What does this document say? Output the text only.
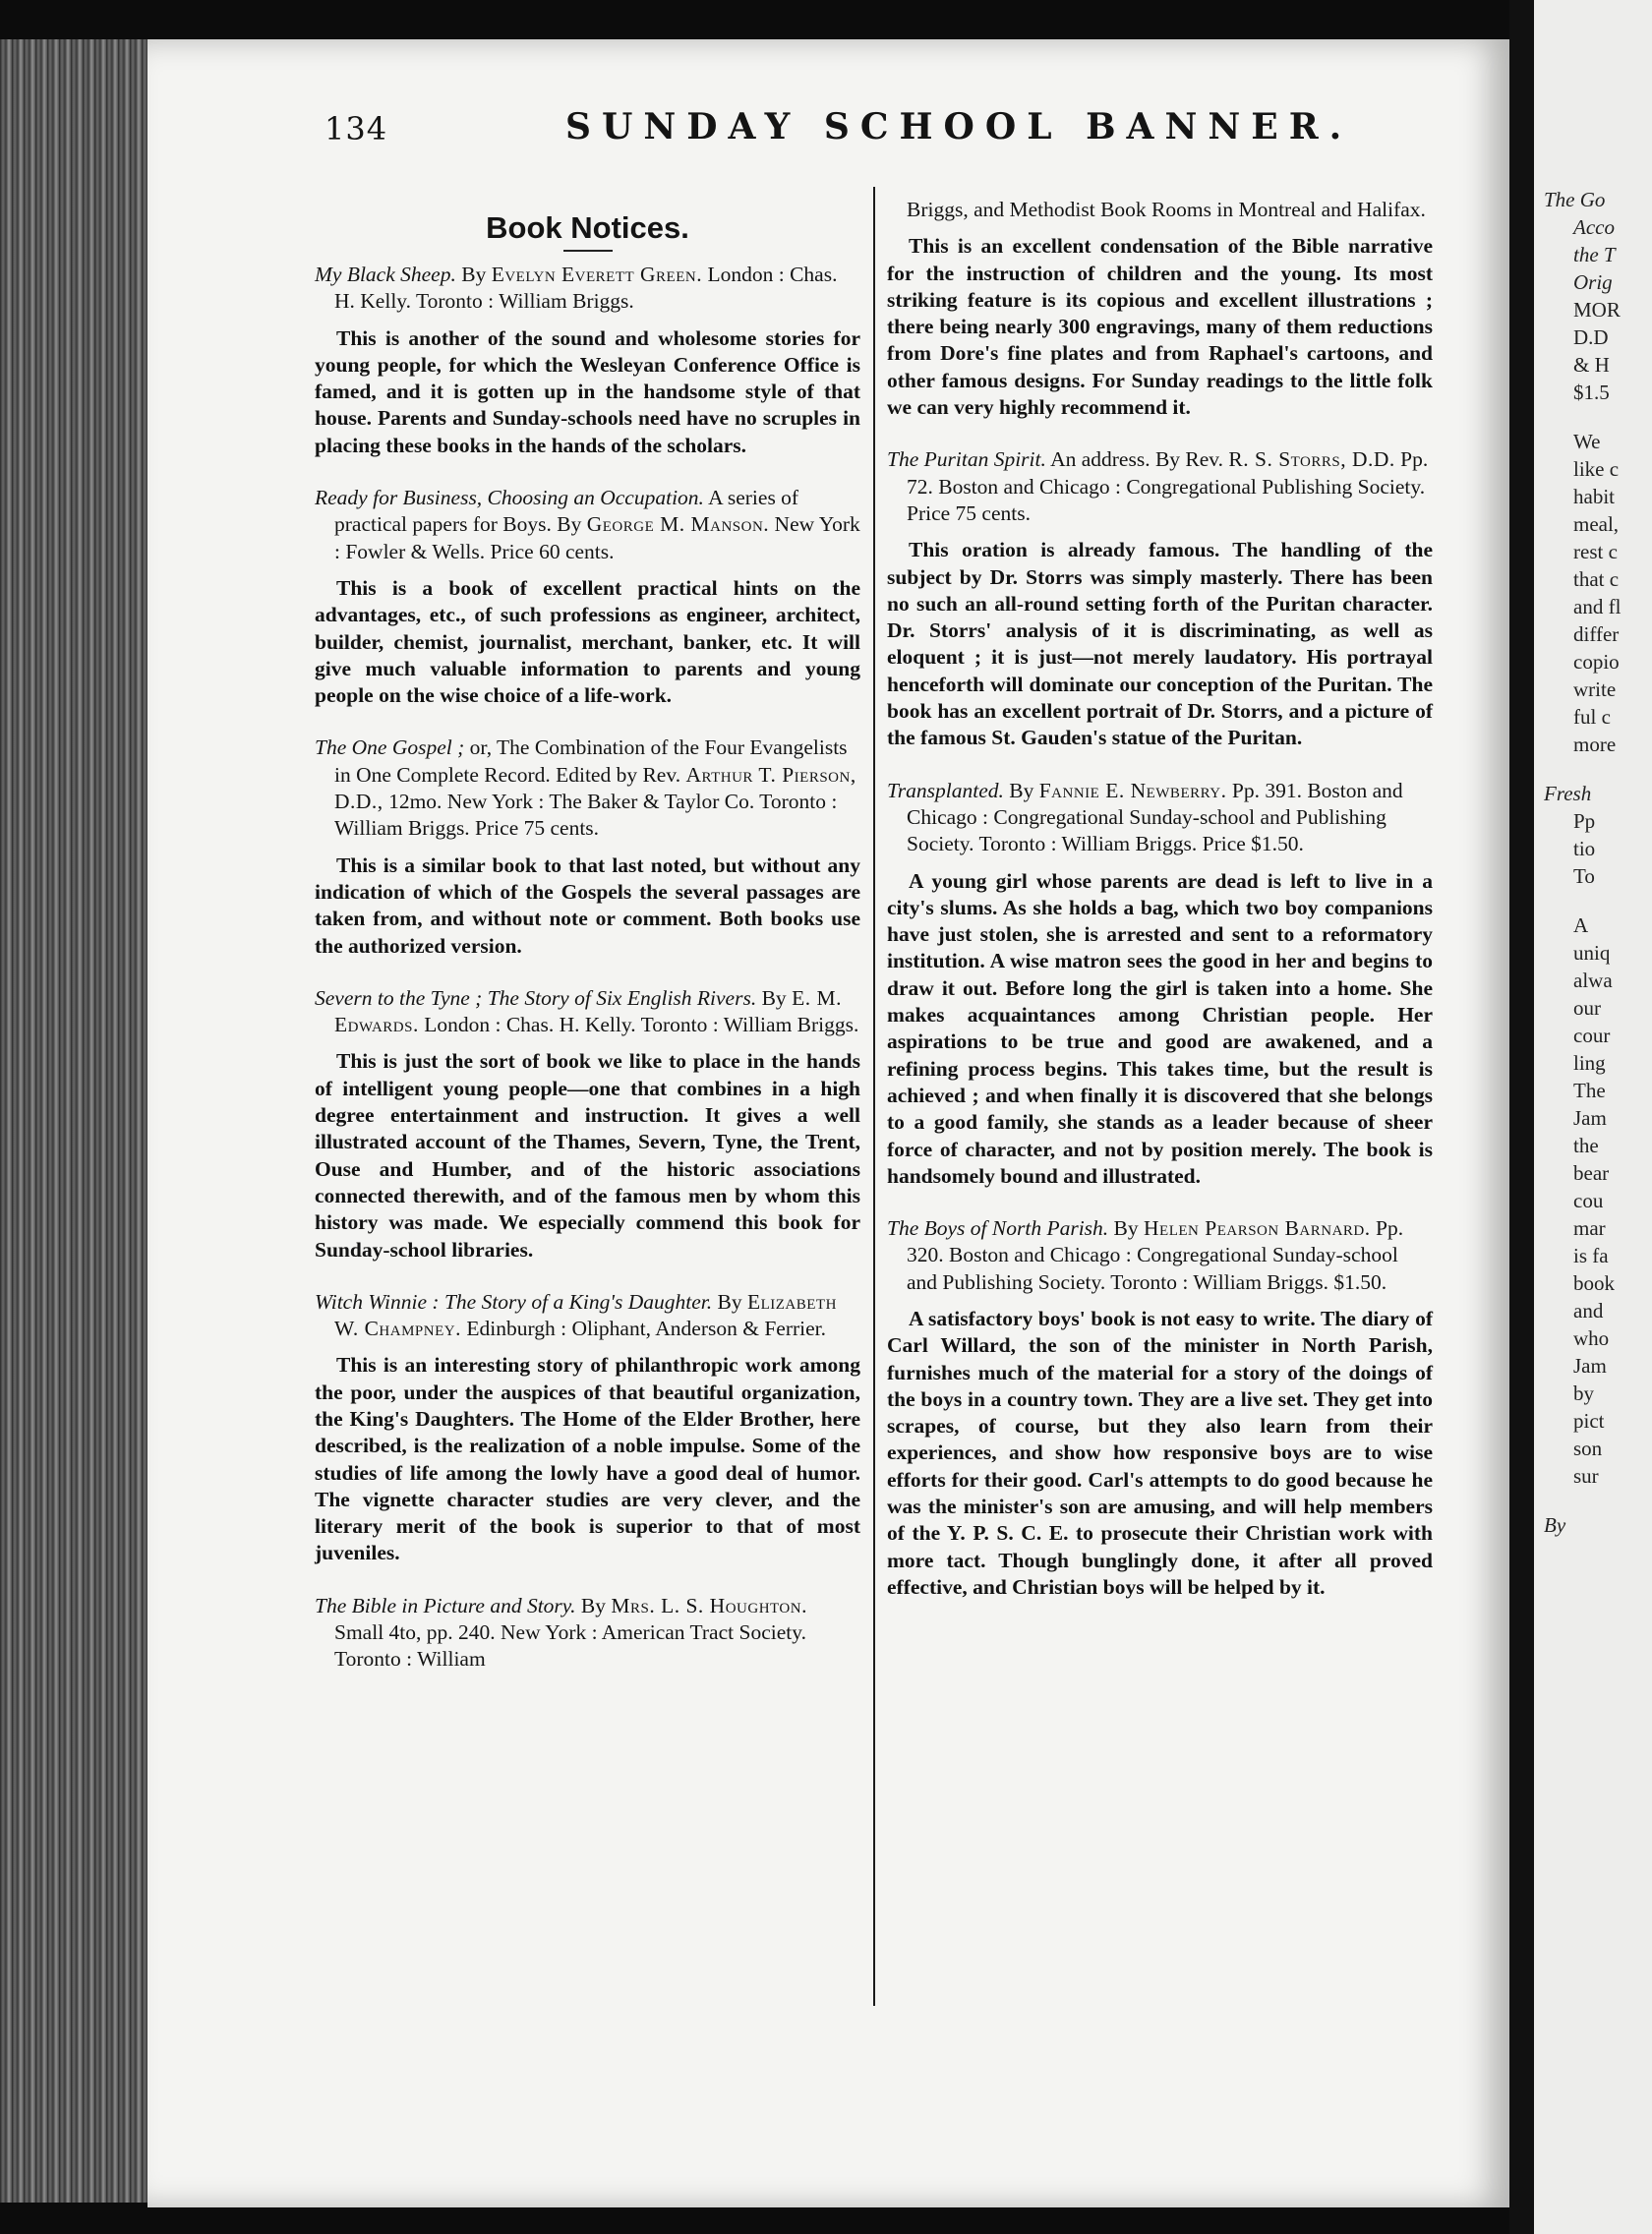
134	SUNDAY SCHOOL BANNER.
Book Notices.

My Black Sheep. By Evelyn Everett Green. London : Chas. H. Kelly. Toronto : William Briggs.

This is another of the sound and wholesome stories for young people, for which the Wesleyan Conference Office is famed, and it is gotten up in the handsome style of that house. Parents and Sunday-schools need have no scruples in placing these books in the hands of the scholars.

Ready for Business, Choosing an Occupation. A series of practical papers for Boys. By George M. Manson. New York : Fowler & Wells. Price 60 cents.

This is a book of excellent practical hints on the advantages, etc., of such professions as engineer, architect, builder, chemist, journalist, merchant, banker, etc. It will give much valuable information to parents and young people on the wise choice of a life-work.

The One Gospel ; or, The Combination of the Four Evangelists in One Complete Record. Edited by Rev. Arthur T. Pierson, D.D., 12mo. New York : The Baker & Taylor Co. Toronto : William Briggs. Price 75 cents.

This is a similar book to that last noted, but without any indication of which of the Gospels the several passages are taken from, and without note or comment. Both books use the authorized version.

Severn to the Tyne ; The Story of Six English Rivers. By E. M. Edwards. London : Chas. H. Kelly. Toronto : William Briggs.

This is just the sort of book we like to place in the hands of intelligent young people—one that combines in a high degree entertainment and instruction. It gives a well illustrated account of the Thames, Severn, Tyne, the Trent, Ouse and Humber, and of the historic associations connected therewith, and of the famous men by whom this history was made. We especially commend this book for Sunday-school libraries.

Witch Winnie : The Story of a King's Daughter. By Elizabeth W. Champney. Edinburgh : Oliphant, Anderson & Ferrier.

This is an interesting story of philanthropic work among the poor, under the auspices of that beautiful organization, the King's Daughters. The Home of the Elder Brother, here described, is the realization of a noble impulse. Some of the studies of life among the lowly have a good deal of humor. The vignette character studies are very clever, and the literary merit of the book is superior to that of most juveniles.

The Bible in Picture and Story. By Mrs. L. S. Houghton. Small 4to, pp. 240. New York : American Tract Society. Toronto : William

Briggs, and Methodist Book Rooms in Montreal and Halifax.

This is an excellent condensation of the Bible narrative for the instruction of children and the young. Its most striking feature is its copious and excellent illustrations ; there being nearly 300 engravings, many of them reductions from Dore's fine plates and from Raphael's cartoons, and other famous designs. For Sunday readings to the little folk we can very highly recommend it.

The Puritan Spirit. An address. By Rev. R. S. Storrs, D.D. Pp. 72. Boston and Chicago : Congregational Publishing Society. Price 75 cents.

This oration is already famous. The handling of the subject by Dr. Storrs was simply masterly. There has been no such an all-round setting forth of the Puritan character. Dr. Storrs' analysis of it is discriminating, as well as eloquent ; it is just—not merely laudatory. His portrayal henceforth will dominate our conception of the Puritan. The book has an excellent portrait of Dr. Storrs, and a picture of the famous St. Gauden's statue of the Puritan.

Transplanted. By Fannie E. Newberry. Pp. 391. Boston and Chicago : Congregational Sunday-school and Publishing Society. Toronto : William Briggs. Price $1.50.

A young girl whose parents are dead is left to live in a city's slums. As she holds a bag, which two boy companions have just stolen, she is arrested and sent to a reformatory institution. A wise matron sees the good in her and begins to draw it out. Before long the girl is taken into a home. She makes acquaintances among Christian people. Her aspirations to be true and good are awakened, and a refining process begins. This takes time, but the result is achieved ; and when finally it is discovered that she belongs to a good family, she stands as a leader because of sheer force of character, and not by position merely. The book is handsomely bound and illustrated.

The Boys of North Parish. By Helen Pearson Barnard. Pp. 320. Boston and Chicago : Congregational Sunday-school and Publishing Society. Toronto : William Briggs. $1.50.

A satisfactory boys' book is not easy to write. The diary of Carl Willard, the son of the minister in North Parish, furnishes much of the material for a story of the doings of the boys in a country town. They are a live set. They get into scrapes, of course, but they also learn from their experiences, and show how responsive boys are to wise efforts for their good. Carl's attempts to do good because he was the minister's son are amusing, and will help members of the Y. P. S. C. E. to prosecute their Christian work with more tact. Though bunglingly done, it after all proved effective, and Christian boys will be helped by it.

The Go
Acco
the T
Orig
MOR
D.D
& H
$1.5
We
like c
habit
meal,
rest c
that c
and fl
differ
copio
write
ful c
more
Fresh
Pp
tio
To
A
uniq
alwa
our
cour
ling
The
Jam
the
bear
cou
mar
is fa
book
and
who
Jam
by
pict
son
sur
By
